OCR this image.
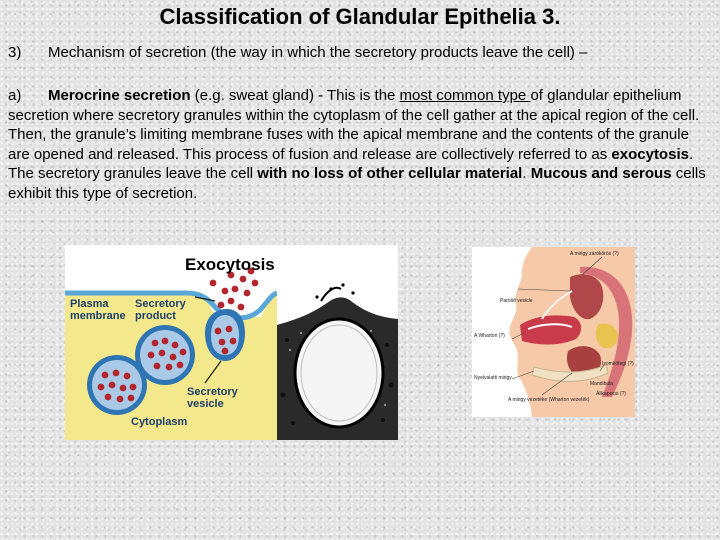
Classification of Glandular Epithelia 3.
3) Mechanism of secretion (the way in which the secretory products leave the cell) –
a) Merocrine secretion (e.g. sweat gland) - This is the most common type of glandular epithelium secretion where secretory granules within the cytoplasm of the cell gather at the apical region of the cell. Then, the granule’s limiting membrane fuses with the apical membrane and the contents of the granule are opened and released. This process of fusion and release are collectively referred to as exocytosis. The secretory granules leave the cell with no loss of other cellular material. Mucous and serous cells exhibit this type of secretion.
Exocytosis
Plasma
membrane
Secretory
product
Secretory
vesicle
Cytoplasm
Parotid vesicle
A mirigy zárókörös (?)
A Wharton (?)
Nyelvalatti mirigy
Mandibula
A mirigy vezetéke (Wharton vezeték)
Izomkötegi (?)
Állkapocsi (?)
